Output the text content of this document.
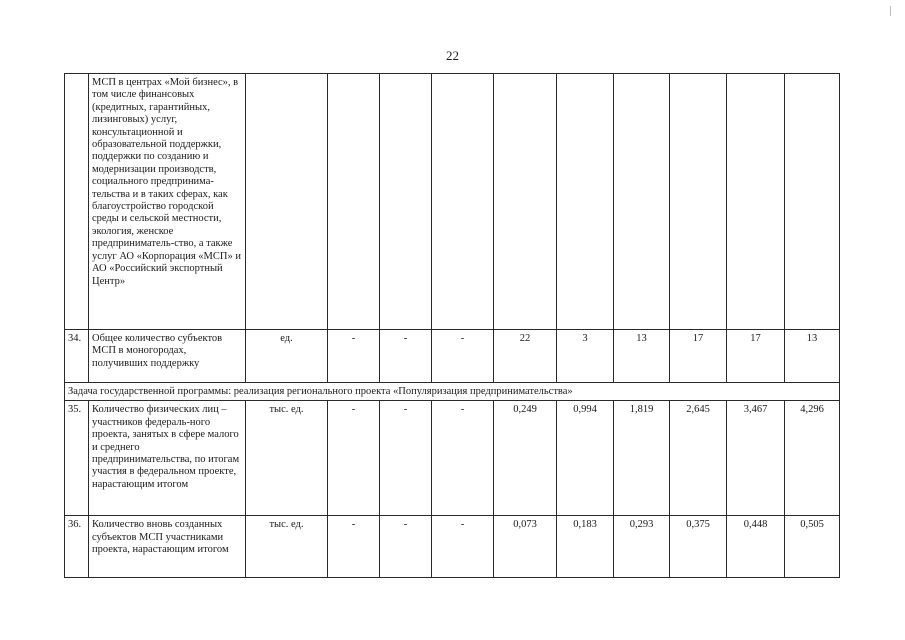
22
	МСП в центрах «Мой бизнес», в том числе финансовых (кредитных, гарантийных, лизинговых) услуг, консультационной и образовательной поддержки, поддержки по созданию и модернизации производств, социального предпринима-тельства и в таких сферах, как благоустройство городской среды и сельской местности, экология, женское предприниматель-ство, а также услуг АО «Корпорация «МСП» и АО «Российский экспортный Центр»										
34.	Общее количество субъектов МСП в моногородах, получивших поддержку	ед.	-	-	-	22	3	13	17	17	13
Задача государственной программы: реализация регионального проекта «Популяризация предпринимательства»											
35.	Количество физических лиц – участников федераль-ного проекта, занятых в сфере малого и среднего предпринимательства, по итогам участия в федеральном проекте, нарастающим итогом	тыс. ед.	-	-	-	0,249	0,994	1,819	2,645	3,467	4,296
36.	Количество вновь созданных субъектов МСП участниками проекта, нарастающим итогом	тыс. ед.	-	-	-	0,073	0,183	0,293	0,375	0,448	0,505
